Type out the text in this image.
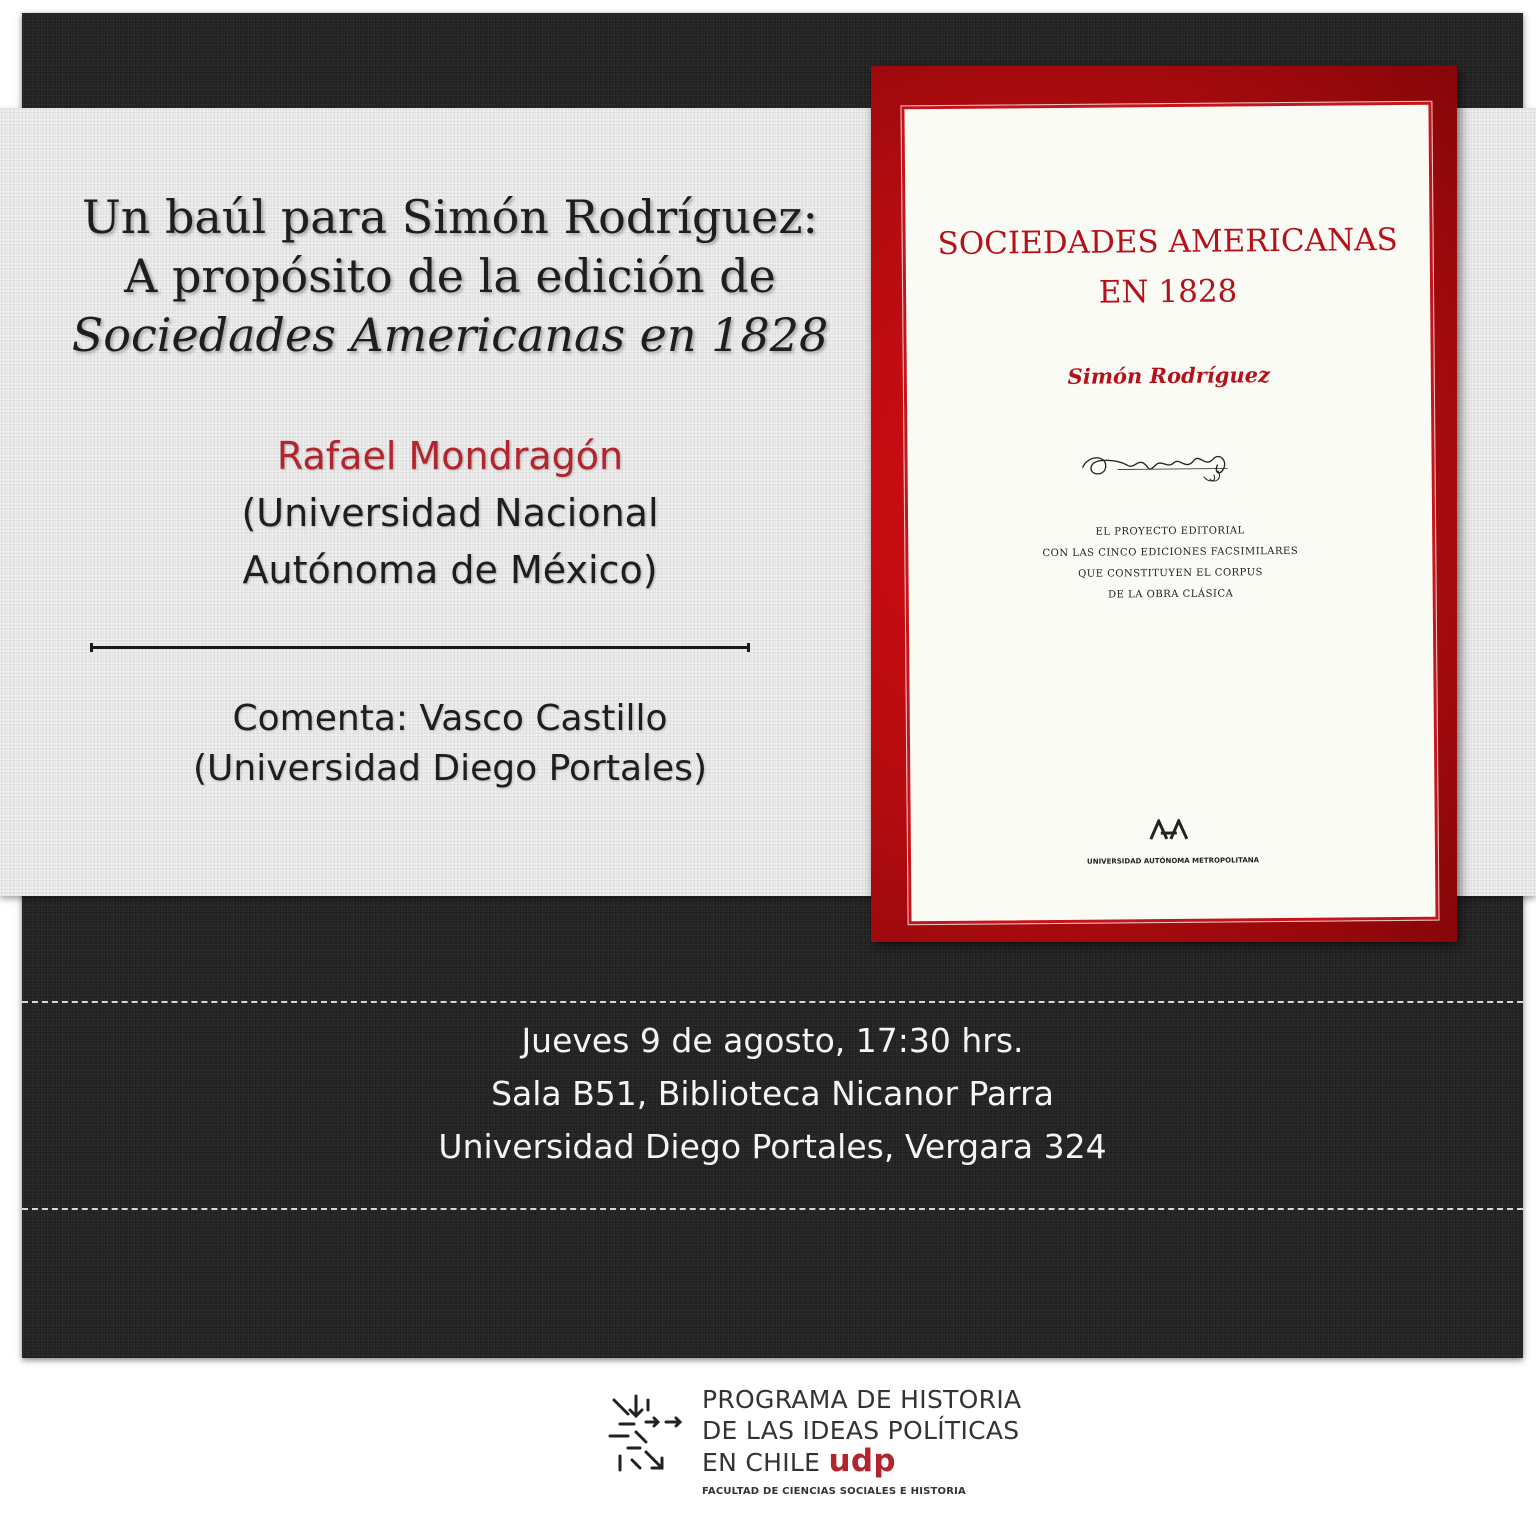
Un baúl para Simón Rodríguez:
A propósito de la edición de
Sociedades Americanas en 1828
Rafael Mondragón
(Universidad Nacional
Autónoma de México)
Comenta: Vasco Castillo
(Universidad Diego Portales)
SOCIEDADES AMERICANAS
EN 1828
Simón Rodríguez
EL PROYECTO EDITORIAL
CON LAS CINCO EDICIONES FACSIMILARES
QUE CONSTITUYEN EL CORPUS
DE LA OBRA CLÁSICA
UNIVERSIDAD AUTÓNOMA METROPOLITANA
Jueves 9 de agosto, 17:30 hrs.
Sala B51, Biblioteca Nicanor Parra
Universidad Diego Portales, Vergara 324
PROGRAMA DE HISTORIA
DE LAS IDEAS POLÍTICAS
EN CHILE udp
FACULTAD DE CIENCIAS SOCIALES E HISTORIA
